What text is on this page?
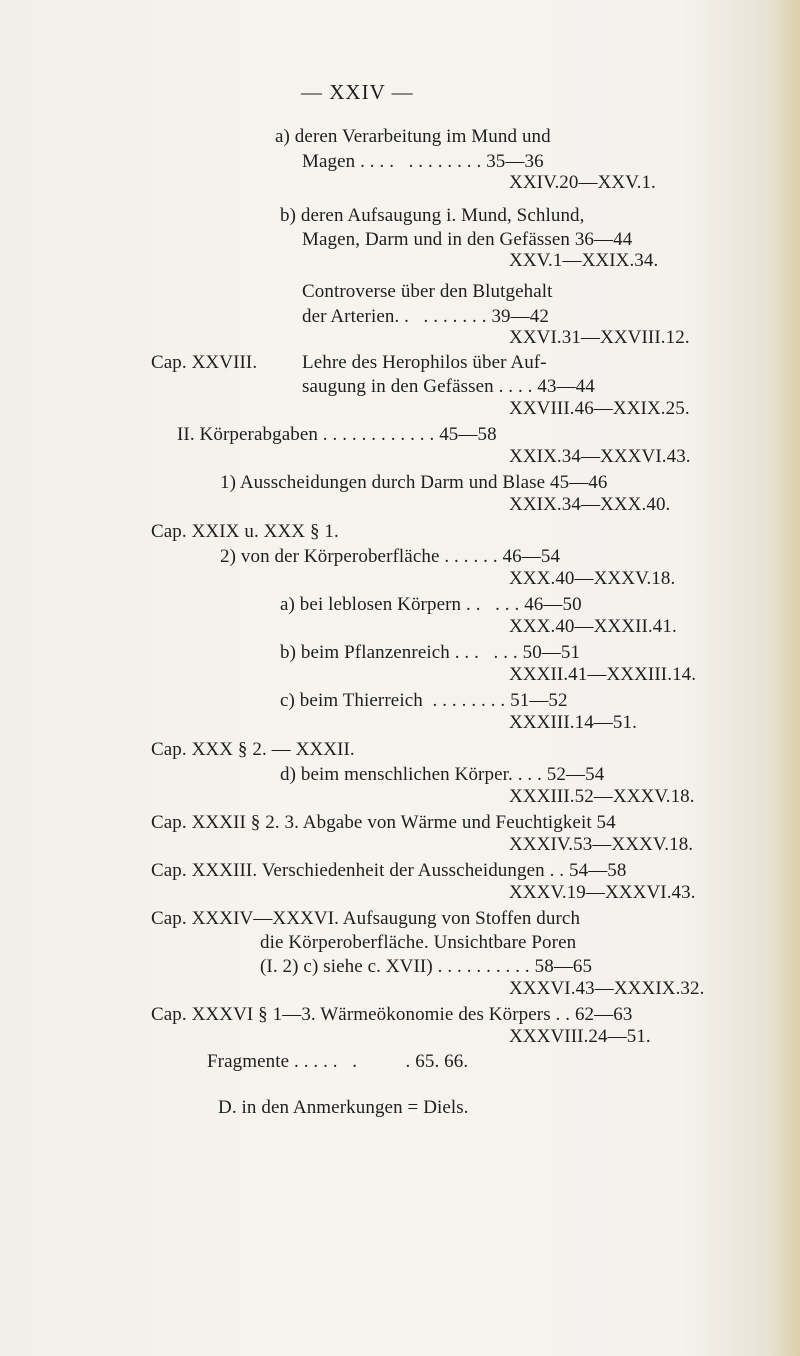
— XXIV —
a) deren Verarbeitung im Mund und
Magen . . . .   . . . . . . . . 35—36
XXIV.20—XXV.1.
b) deren Aufsaugung i. Mund, Schlund,
Magen, Darm und in den Gefässen 36—44
XXV.1—XXIX.34.
Controverse über den Blutgehalt
der Arterien. .   . . . . . . . 39—42
XXVI.31—XXVIII.12.
Cap. XXVIII. Lehre des Herophilos über Auf-
saugung in den Gefässen . . . . 43—44
XXVIII.46—XXIX.25.
II. Körperabgaben . . . . . . . . . . . . 45—58
XXIX.34—XXXVI.43.
1) Ausscheidungen durch Darm und Blase 45—46
XXIX.34—XXX.40.
Cap. XXIX u. XXX § 1.
2) von der Körperoberfläche . . . . . . 46—54
XXX.40—XXXV.18.
a) bei leblosen Körpern . .   . . . 46—50
XXX.40—XXXII.41.
b) beim Pflanzenreich . . .   . . . 50—51
XXXII.41—XXXIII.14.
c) beim Thierreich  . . . . . . . . 51—52
XXXIII.14—51.
Cap. XXX § 2. — XXXII.
d) beim menschlichen Körper. . . . 52—54
XXXIII.52—XXXV.18.
Cap. XXXII § 2. 3. Abgabe von Wärme und Feuchtigkeit 54
XXXIV.53—XXXV.18.
Cap. XXXIII. Verschiedenheit der Ausscheidungen . . 54—58
XXXV.19—XXXVI.43.
Cap. XXXIV—XXXVI. Aufsaugung von Stoffen durch
die Körperoberfläche. Unsichtbare Poren
(I. 2) c) siehe c. XVII) . . . . . . . . . . 58—65
XXXVI.43—XXXIX.32.
Cap. XXXVI § 1—3. Wärmeökonomie des Körpers . . 62—63
XXXVIII.24—51.
Fragmente . . . . .   .          . 65. 66.
D. in den Anmerkungen = Diels.
